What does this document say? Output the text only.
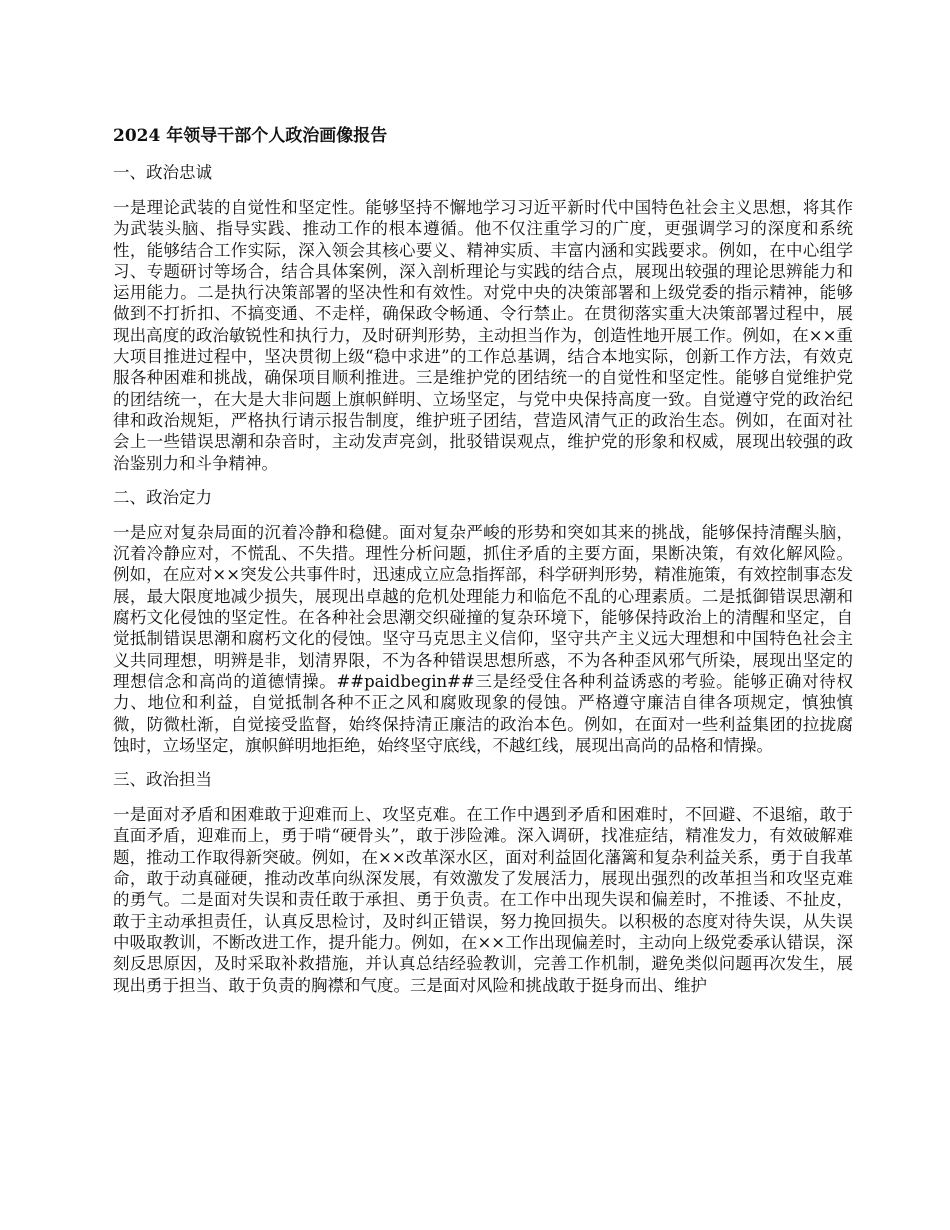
2024 年领导干部个人政治画像报告
一、政治忠诚
一是理论武装的自觉性和坚定性。能够坚持不懈地学习习近平新时代中国特色社会主义思想，将其作为武装头脑、指导实践、推动工作的根本遵循。他不仅注重学习的广度，更强调学习的深度和系统性，能够结合工作实际，深入领会其核心要义、精神实质、丰富内涵和实践要求。例如，在中心组学习、专题研讨等场合，结合具体案例，深入剖析理论与实践的结合点，展现出较强的理论思辨能力和运用能力。二是执行决策部署的坚决性和有效性。对党中央的决策部署和上级党委的指示精神，能够做到不打折扣、不搞变通、不走样，确保政令畅通、令行禁止。在贯彻落实重大决策部署过程中，展现出高度的政治敏锐性和执行力，及时研判形势，主动担当作为，创造性地开展工作。例如，在××重大项目推进过程中，坚决贯彻上级“稳中求进”的工作总基调，结合本地实际，创新工作方法，有效克服各种困难和挑战，确保项目顺利推进。三是维护党的团结统一的自觉性和坚定性。能够自觉维护党的团结统一，在大是大非问题上旗帜鲜明、立场坚定，与党中央保持高度一致。自觉遵守党的政治纪律和政治规矩，严格执行请示报告制度，维护班子团结，营造风清气正的政治生态。例如，在面对社会上一些错误思潮和杂音时，主动发声亮剑，批驳错误观点，维护党的形象和权威，展现出较强的政治鉴别力和斗争精神。
二、政治定力
一是应对复杂局面的沉着冷静和稳健。面对复杂严峻的形势和突如其来的挑战，能够保持清醒头脑，沉着冷静应对，不慌乱、不失措。理性分析问题，抓住矛盾的主要方面，果断决策，有效化解风险。例如，在应对××突发公共事件时，迅速成立应急指挥部，科学研判形势，精准施策，有效控制事态发展，最大限度地减少损失，展现出卓越的危机处理能力和临危不乱的心理素质。二是抵御错误思潮和腐朽文化侵蚀的坚定性。在各种社会思潮交织碰撞的复杂环境下，能够保持政治上的清醒和坚定，自觉抵制错误思潮和腐朽文化的侵蚀。坚守马克思主义信仰，坚守共产主义远大理想和中国特色社会主义共同理想，明辨是非，划清界限，不为各种错误思想所惑，不为各种歪风邪气所染，展现出坚定的理想信念和高尚的道德情操。##paidbegin##三是经受住各种利益诱惑的考验。能够正确对待权力、地位和利益，自觉抵制各种不正之风和腐败现象的侵蚀。严格遵守廉洁自律各项规定，慎独慎微，防微杜渐，自觉接受监督，始终保持清正廉洁的政治本色。例如，在面对一些利益集团的拉拢腐蚀时，立场坚定，旗帜鲜明地拒绝，始终坚守底线，不越红线，展现出高尚的品格和情操。
三、政治担当
一是面对矛盾和困难敢于迎难而上、攻坚克难。在工作中遇到矛盾和困难时，不回避、不退缩，敢于直面矛盾，迎难而上，勇于啃“硬骨头”，敢于涉险滩。深入调研，找准症结，精准发力，有效破解难题，推动工作取得新突破。例如，在××改革深水区，面对利益固化藩篱和复杂利益关系，勇于自我革命，敢于动真碰硬，推动改革向纵深发展，有效激发了发展活力，展现出强烈的改革担当和攻坚克难的勇气。二是面对失误和责任敢于承担、勇于负责。在工作中出现失误和偏差时，不推诿、不扯皮，敢于主动承担责任，认真反思检讨，及时纠正错误，努力挽回损失。以积极的态度对待失误，从失误中吸取教训，不断改进工作，提升能力。例如，在××工作出现偏差时，主动向上级党委承认错误，深刻反思原因，及时采取补救措施，并认真总结经验教训，完善工作机制，避免类似问题再次发生，展现出勇于担当、敢于负责的胸襟和气度。三是面对风险和挑战敢于挺身而出、维护
